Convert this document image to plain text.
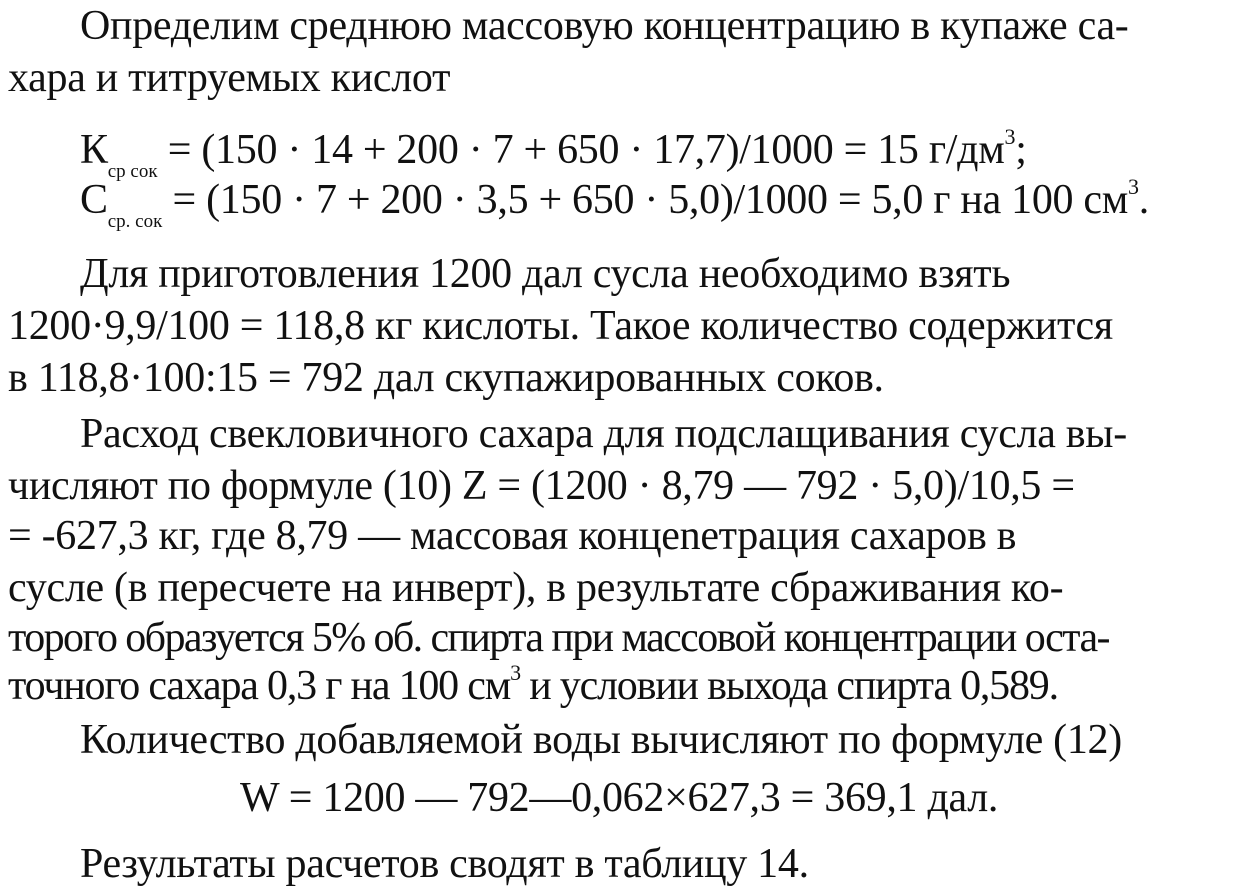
Определим среднюю массовую концентрацию в купаже са-
хара и титруемых кислот
$К_{ср сок} = (150 \cdot 14 + 200 \cdot 7 + 650 \cdot 17,7)/1000 = 15$ $г/дм^3$;
$С_{ср. сок} = (150 \cdot 7 + 200 \cdot 3,5 + 650 \cdot 5,0)/1000 = 5,0$ г на 100 $см^3$.
Для приготовления 1200 дал сусла необходимо взять
1200·9,9/100 = 118,8 кг кислоты. Такое количество содержится
в 118,8·100:15 = 792 дал скупажированных соков.
Расход свекловичного сахара для подслащивания сусла вы-
числяют по формуле (10) Z = (1200 · 8,79 — 792 · 5,0)/10,5 =
= -627,3 кг, где 8,79 — массовая концenетрация сахаров в
сусле (в пересчете на инверт), в результате сбраживания ко-
торого образуется 5% об. спирта при массовой концентрации оста-
точного сахара 0,3 г на 100 $см^3$ и условии выхода спирта 0,589.
Количество добавляемой воды вычисляют по формуле (12)
W = 1200 — 792—0,062×627,3 = 369,1 дал.
Результаты расчетов сводят в таблицу 14.
